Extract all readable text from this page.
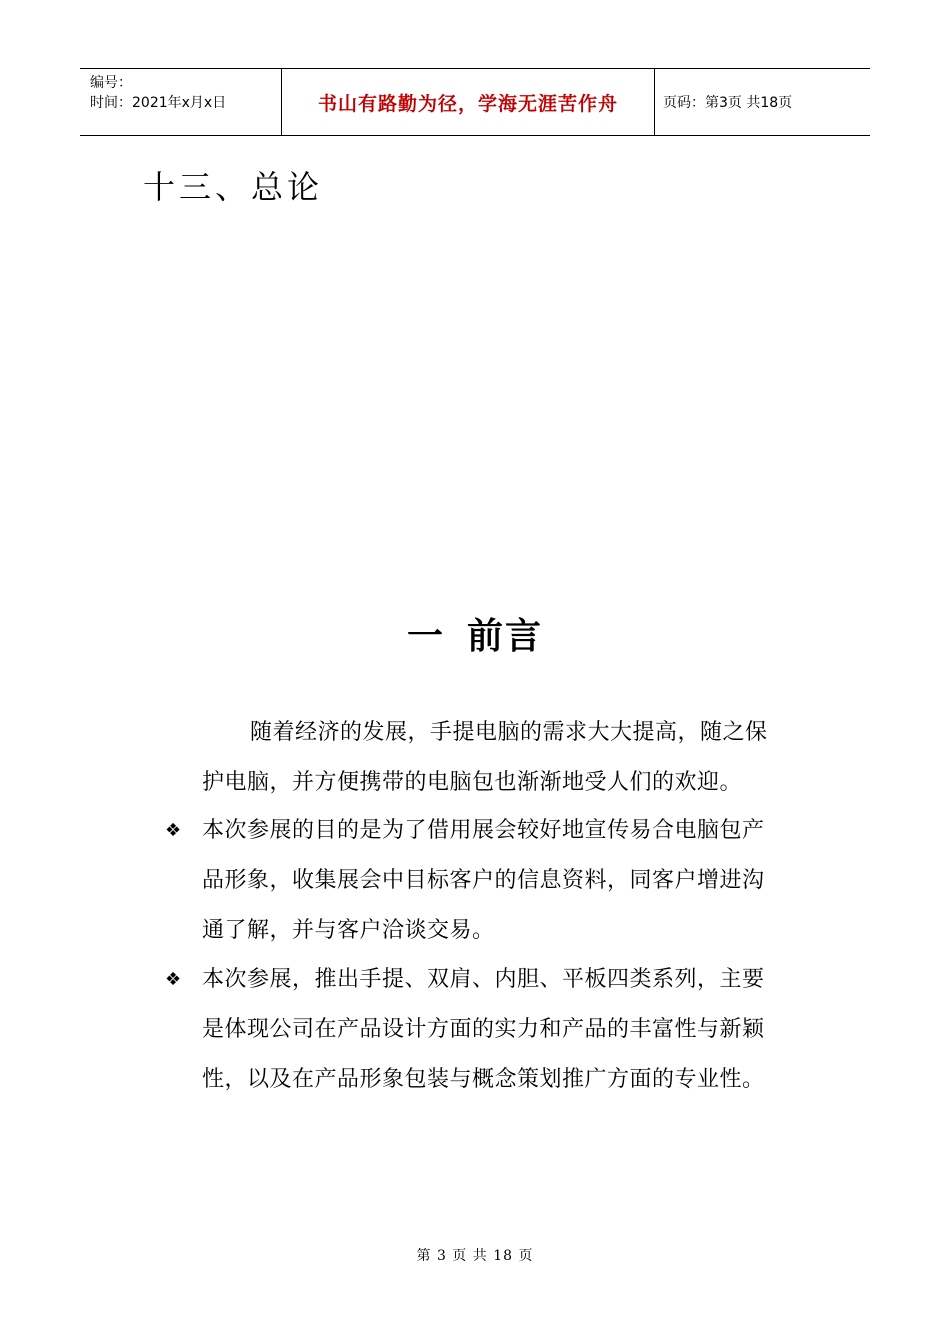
编号：
时间：2021年x月x日	书山有路勤为径，学海无涯苦作舟	页码：第3页 共18页
十三、总论
一 前言
随着经济的发展，手提电脑的需求大大提高，随之保
护电脑，并方便携带的电脑包也渐渐地受人们的欢迎。
❖ 本次参展的目的是为了借用展会较好地宣传易合电脑包产
品形象，收集展会中目标客户的信息资料，同客户增进沟
通了解，并与客户洽谈交易。
❖ 本次参展，推出手提、双肩、内胆、平板四类系列，主要
是体现公司在产品设计方面的实力和产品的丰富性与新颖
性，以及在产品形象包装与概念策划推广方面的专业性。
第 3 页 共 18 页
